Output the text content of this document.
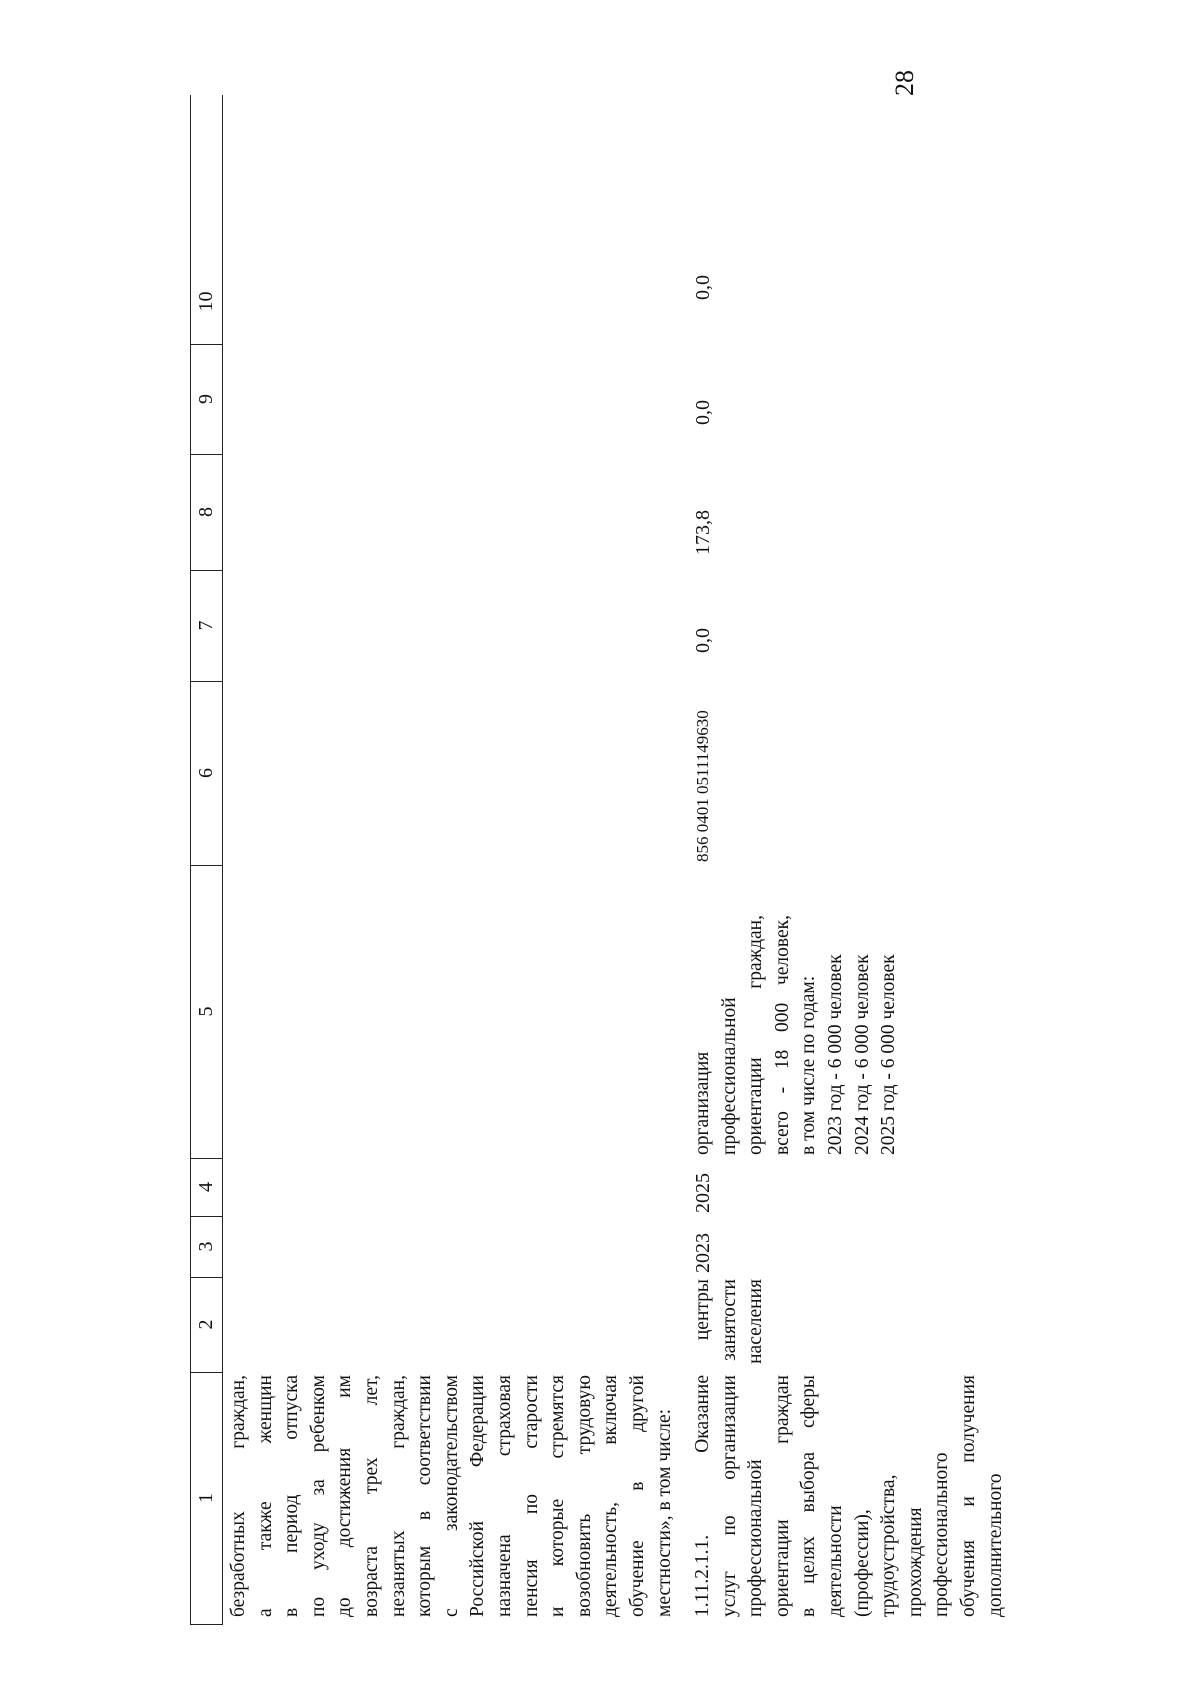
28
1
2
3
4
5
6
7
8
9
10
безработных граждан, а также женщин в период отпуска по уходу за ребенком до достижения им возраста трех лет, незанятых граждан, которым в соответствии с законодательством Российской Федерации назначена страховая пенсия по старости и которые стремятся возобновить трудовую деятельность, включая обучение в другой местности», в том числе: 1.11.2.1.1. Оказание услуг по организации профессиональной ориентации граждан в целях выбора сферы деятельности (профессии), трудоустройства, прохождения профессионального обучения и получения дополнительного
центры занятости населения
2023
2025
организация профессиональной ориентации граждан, всего - 18 000 человек, в том числе по годам: 2023 год - 6 000 человек 2024 год - 6 000 человек 2025 год - 6 000 человек
856 0401 0511149630
0,0
173,8
0,0
0,0
